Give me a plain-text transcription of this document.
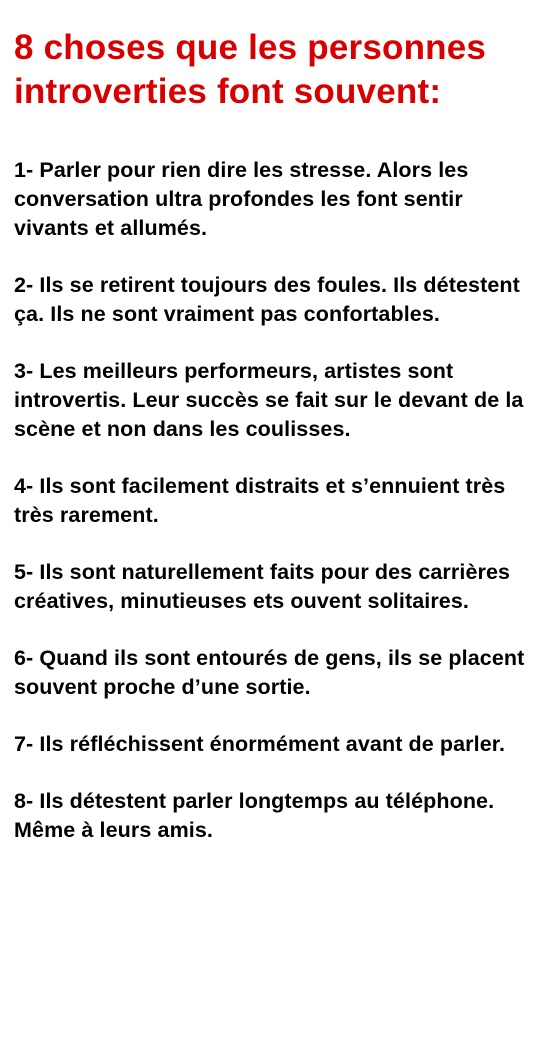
8 choses que les personnes introverties font souvent:
1- Parler pour rien dire les stresse. Alors les conversation ultra profondes les font sentir vivants et allumés.
2- Ils se retirent toujours des foules. Ils détestent ça. Ils ne sont vraiment pas confortables.
3- Les meilleurs performeurs, artistes sont introvertis. Leur succès se fait sur le devant de la scène et non dans les coulisses.
4- Ils sont facilement distraits et s’ennuient très très rarement.
5- Ils sont naturellement faits pour des carrières créatives, minutieuses ets ouvent solitaires.
6- Quand ils sont entourés de gens, ils se placent souvent proche d’une sortie.
7- Ils réfléchissent énormément avant de parler.
8- Ils détestent parler longtemps au téléphone. Même à leurs amis.
